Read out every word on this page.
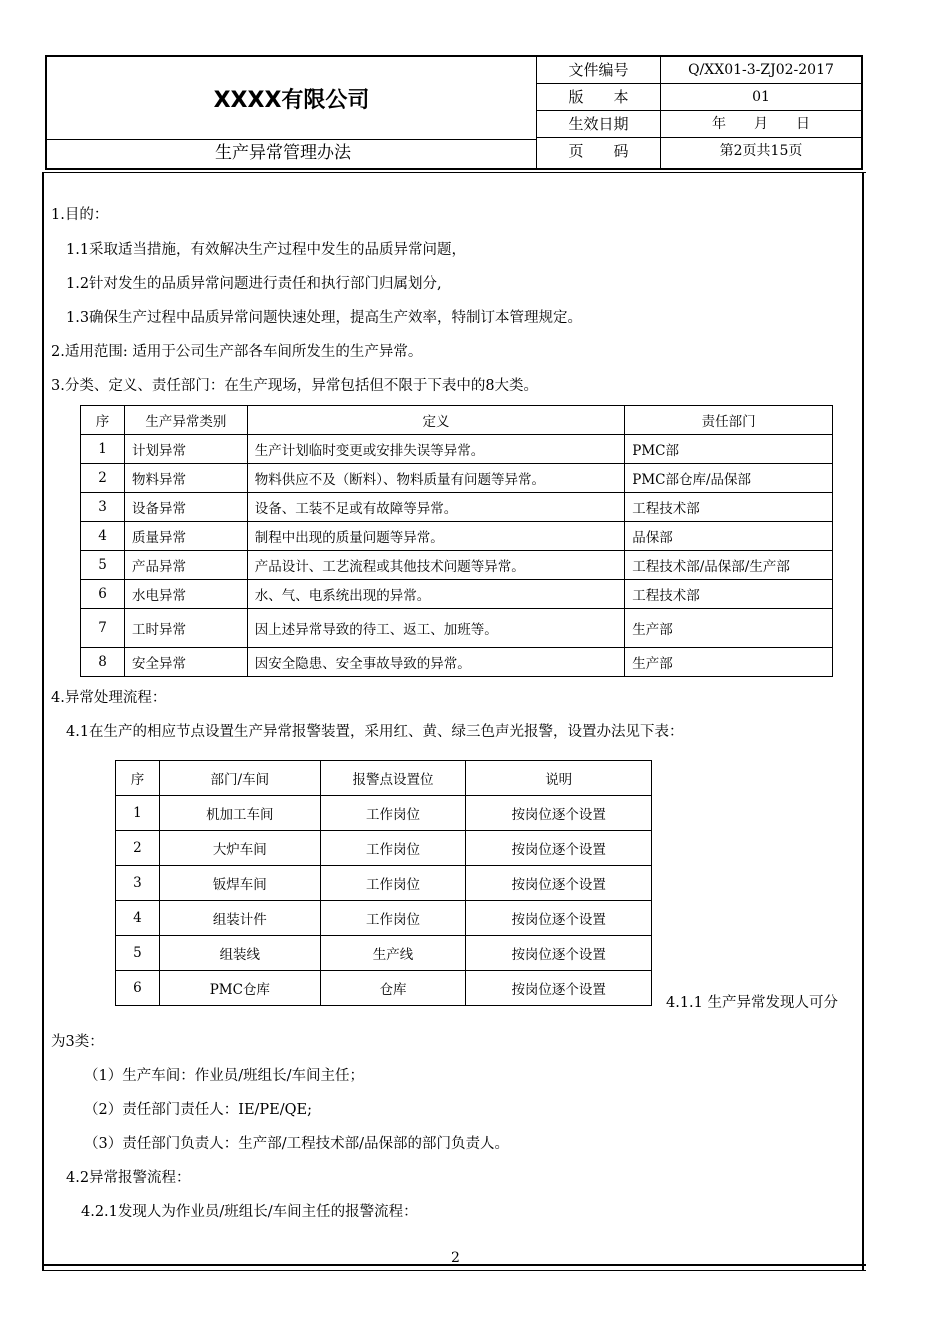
XXXX有限公司
生产异常管理办法
文件编号	Q/XX01-3-ZJ02-2017
版　　本	01
生效日期	年　　月　　日
页　　码	第2页共15页
1.目的：
1.1采取适当措施，有效解决生产过程中发生的品质异常问题，
1.2针对发生的品质异常问题进行责任和执行部门归属划分,
1.3确保生产过程中品质异常问题快速处理，提高生产效率，特制订本管理规定。
2.适用范围: 适用于公司生产部各车间所发生的生产异常。
3.分类、定义、责任部门：在生产现场，异常包括但不限于下表中的8大类。
序	生产异常类别	定义	责任部门
1	计划异常	生产计划临时变更或安排失误等异常。	PMC部
2	物料异常	物料供应不及（断料）、物料质量有问题等异常。	PMC部仓库/品保部
3	设备异常	设备、工装不足或有故障等异常。	工程技术部
4	质量异常	制程中出现的质量问题等异常。	品保部
5	产品异常	产品设计、工艺流程或其他技术问题等异常。	工程技术部/品保部/生产部
6	水电异常	水、气、电系统出现的异常。	工程技术部
7	工时异常	因上述异常导致的待工、返工、加班等。	生产部
8	安全异常	因安全隐患、安全事故导致的异常。	生产部
4.异常处理流程：
4.1在生产的相应节点设置生产异常报警装置，采用红、黄、绿三色声光报警，设置办法见下表：
序	部门/车间	报警点设置位	说明
1	机加工车间	工作岗位	按岗位逐个设置
2	大炉车间	工作岗位	按岗位逐个设置
3	钣焊车间	工作岗位	按岗位逐个设置
4	组装计件	工作岗位	按岗位逐个设置
5	组装线	生产线	按岗位逐个设置
6	PMC仓库	仓库	按岗位逐个设置
4.1.1 生产异常发现人可分
为3类：
（1）生产车间：作业员/班组长/车间主任；
（2）责任部门责任人：IE/PE/QE;
（3）责任部门负责人：生产部/工程技术部/品保部的部门负责人。
4.2异常报警流程：
4.2.1发现人为作业员/班组长/车间主任的报警流程：
2
